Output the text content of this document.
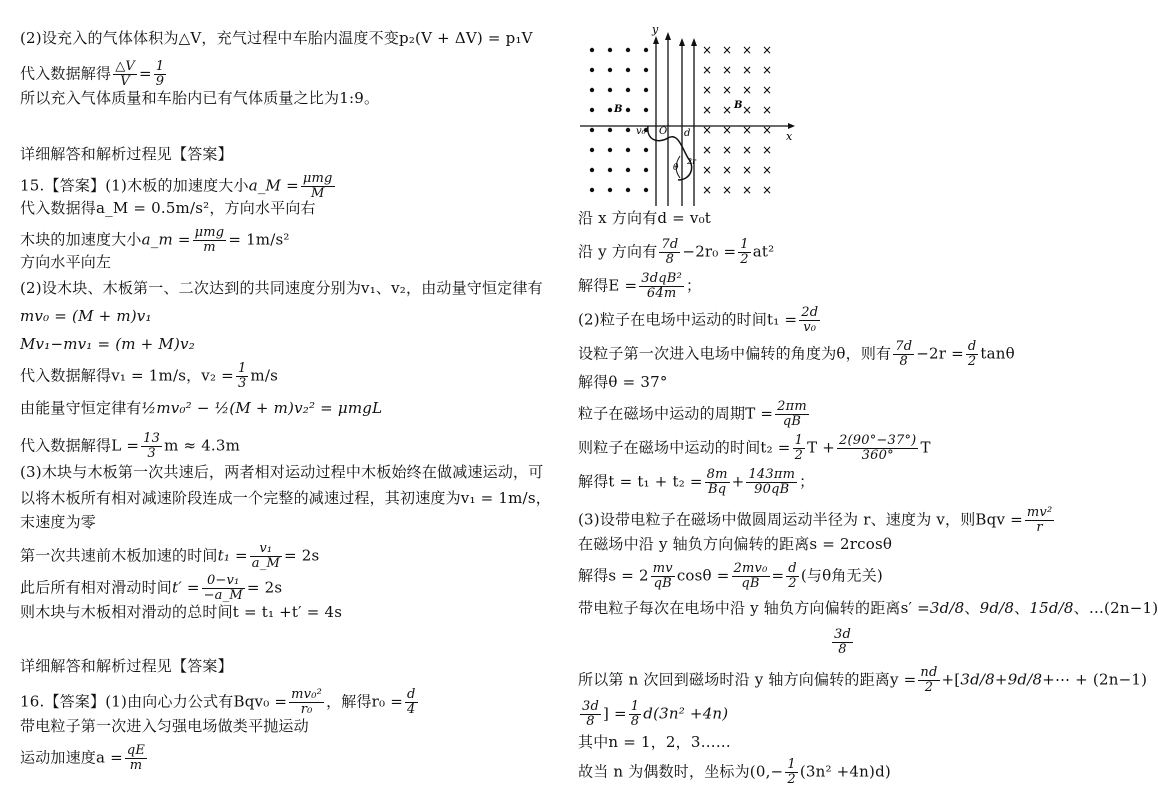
(2)设充入的气体体积为△V，充气过程中车胎内温度不变p₂(V + ΔV) = p₁V
代入数据解得 $\frac{\triangle V}{V} = \frac{1}{9}$
所以充入气体质量和车胎内已有气体质量之比为1:9。
详细解答和解析过程见【答案】
15.【答案】(1)木板的加速度大小a_M = $\frac{\text{μmg}}{M}$
代入数据得a_M = 0.5m/s²，方向水平向右
木块的加速度大小a_m = $\frac{\text{μmg}}{m} = 1m/s^2$
方向水平向左
(2)设木块、木板第一、二次达到的共同速度分别为v₁、v₂，由动量守恒定律有
mv₀ = (M + m)v₁
Mv₁−mv₁ = (m + M)v₂
代入数据解得v₁ = 1m/s，$v_2 = \frac{1}{3} m/s$
由能量守恒定律有½mv₀² − ½(M + m)v₂² = μmgL
代入数据解得$L = \frac{13}{3}$ m ≈ 4.3m
(3)木块与木板第一次共速后，两者相对运动过程中木板始终在做减速运动，可
以将木板所有相对减速阶段连成一个完整的减速过程，其初速度为v₁ = 1m/s，
末速度为零
第一次共速前木板加速的时间$t_1 = \frac{\text{v₁}}{a\_M} = 2s$
此后所有相对滑动时间$t' = \frac{\text{0−v₁}}{-a\_M} = 2s$
则木块与木板相对滑动的总时间t = t₁ +t′ = 4s
详细解答和解析过程见【答案】
16.【答案】(1)由向心力公式有$Bqv_0 = \frac{\text{mv₀²}}{\text{r₀}}$ ，解得$r_0 = \frac{d}{4}$
带电粒子第一次进入匀强电场做类平抛运动
运动加速度$a = \frac{qE}{m}$
× × × ×
× × × ×
× × × ×
× × × ×
× × × ×
× × × ×
× × × ×
× × × ×
y
x
B	B
v₀ O d
θ
2r
沿 x 方向有d = v₀t
沿 y 方向有 $\frac{7d}{8} -2r_0 = \frac{1}{2} at^2$
解得$E = \frac{\text{3dqB²}}{64m}$ ；
(2)粒子在电场中运动的时间$t_1 = \frac{2d}{\text{v₀}}$
设粒子第一次进入电场中偏转的角度为θ，则有 $\frac{7d}{8} -2r = \frac{d}{2}$ tanθ
解得θ = 37°
粒子在磁场中运动的周期$T = \frac{2\pi m}{qB}$
则粒子在磁场中运动的时间$t_2 = \frac{1}{2}$ $T + \frac{2(90^\circ-37^\circ)}{360^\circ}$ T
解得$t = t_1 + t_2 = \frac{8m}{Bq} + \frac{143\pi m}{90qB}$ ；
(3)设带电粒子在磁场中做圆周运动半径为 r、速度为 v，则Bqv = $\frac{\text{mv²}}{r}$
在磁场中沿 y 轴负方向偏转的距离s = 2rcosθ
解得$s = 2 \frac{mv}{qB}$ $\cos\theta = \frac{\text{2mv₀}}{qB} = \frac{d}{2}$ (与θ角无关)
带电粒子每次在电场中沿 y 轴负方向偏转的距离s′ =3d/8、9d/8、15d/8、…(2n−1)
$\frac{3d}{8}$
所以第 n 次回到磁场时沿 y 轴方向偏转的距离$y = \frac{nd}{2}$ +[3d/8+9d/8+⋯ + (2n−1)
$\frac{3d}{8}$ ] = $\frac{1}{8} d(3n^2 +4n)$
其中n = 1，2，3……
故当 n 为偶数时，坐标为$(0,- \frac{1}{2} (3n^2 +4n)d)$
